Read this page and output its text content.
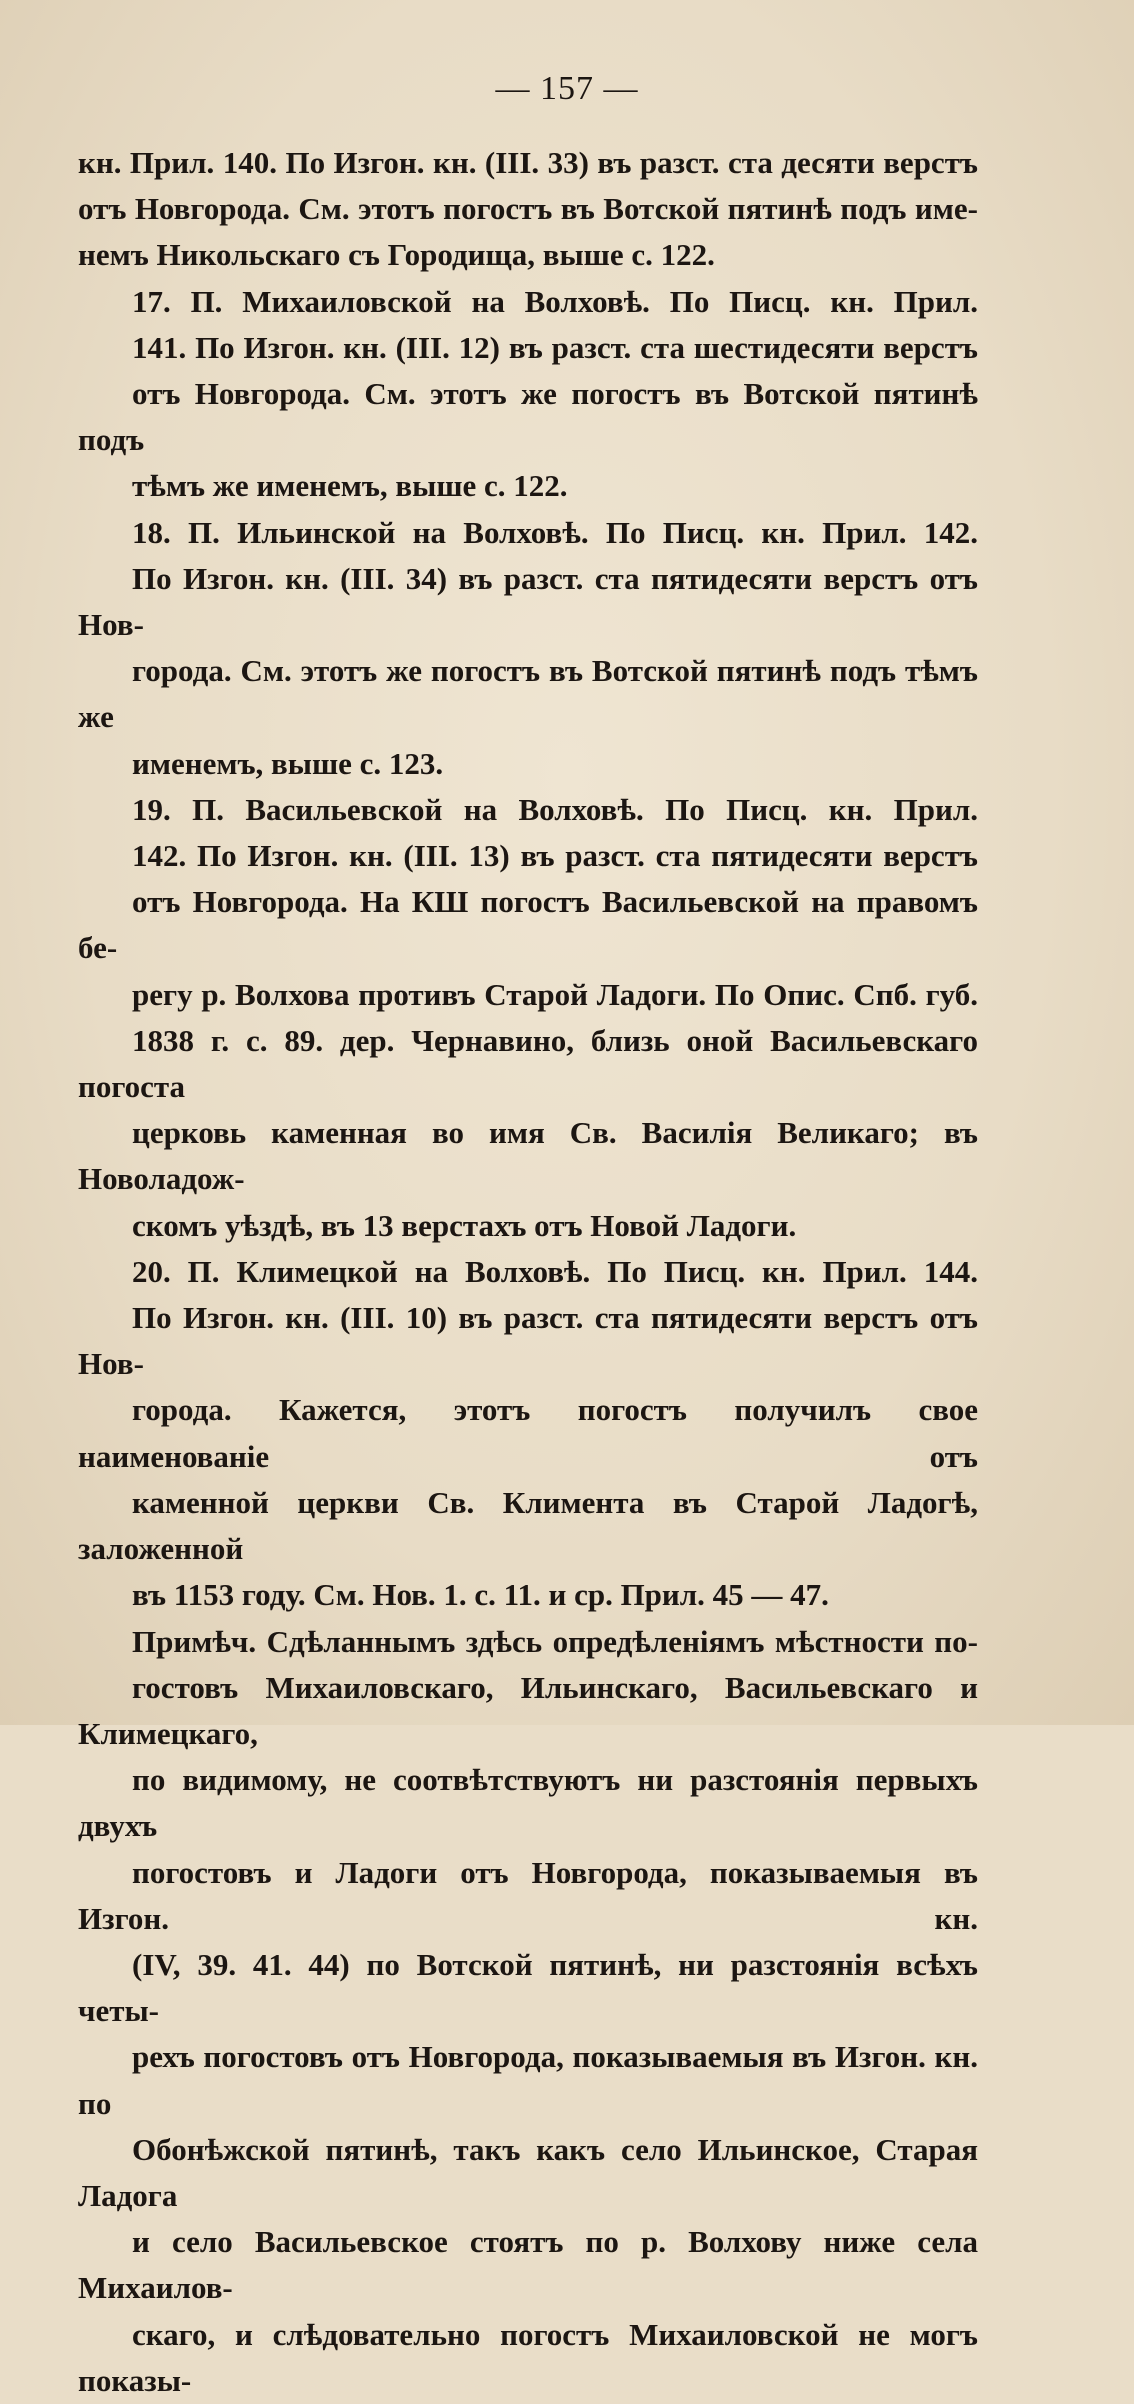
— 157 —

кн. Прил. 140. По Изгон. кн. (III. 33) въ разст. ста десяти верстъ
отъ Новгорода. См. этотъ погостъ въ Вотской пятинѣ подъ име-
немъ Никольскаго съ Городища, выше с. 122.

17. П. Михаиловской на Волховѣ. По Писц. кн. Прил.
141. По Изгон. кн. (III. 12) въ разст. ста шестидесяти верстъ
отъ Новгорода. См. этотъ же погостъ въ Вотской пятинѣ подъ
тѣмъ же именемъ, выше с. 122.

18. П. Ильинской на Волховѣ. По Писц. кн. Прил. 142.
По Изгон. кн. (III. 34) въ разст. ста пятидесяти верстъ отъ Нов-
города. См. этотъ же погостъ въ Вотской пятинѣ подъ тѣмъ же
именемъ, выше с. 123.

19. П. Васильевской на Волховѣ. По Писц. кн. Прил.
142. По Изгон. кн. (III. 13) въ разст. ста пятидесяти верстъ
отъ Новгорода. На КШ погостъ Васильевской на правомъ бе-
регу р. Волхова противъ Старой Ладоги. По Опис. Спб. губ.
1838 г. с. 89. дер. Чернавино, близь оной Васильевскаго погоста
церковь каменная во имя Св. Василія Великаго; въ Новоладож-
скомъ уѣздѣ, въ 13 верстахъ отъ Новой Ладоги.

20. П. Климецкой на Волховѣ. По Писц. кн. Прил. 144.
По Изгон. кн. (III. 10) въ разст. ста пятидесяти верстъ отъ Нов-
города. Кажется, этотъ погостъ получилъ свое наименованіе отъ
каменной церкви Св. Климента въ Старой Ладогѣ, заложенной
въ 1153 году. См. Нов. 1. с. 11. и ср. Прил. 45 — 47.

Примѣч. Сдѣланнымъ здѣсь опредѣленіямъ мѣстности по-
гостовъ Михаиловскаго, Ильинскаго, Васильевскаго и Климецкаго,
по видимому, не соотвѣтствуютъ ни разстоянія первыхъ двухъ
погостовъ и Ладоги отъ Новгорода, показываемыя въ Изгон. кн.
(IV, 39. 41. 44) по Вотской пятинѣ, ни разстоянія всѣхъ четы-
рехъ погостовъ отъ Новгорода, показываемыя въ Изгон. кн. по
Обонѣжской пятинѣ, такъ какъ село Ильинское, Старая Ладога
и село Васильевское стоятъ по р. Волхову ниже села Михаилов-
скаго, и слѣдовательно погостъ Михаиловской не могъ показы-
